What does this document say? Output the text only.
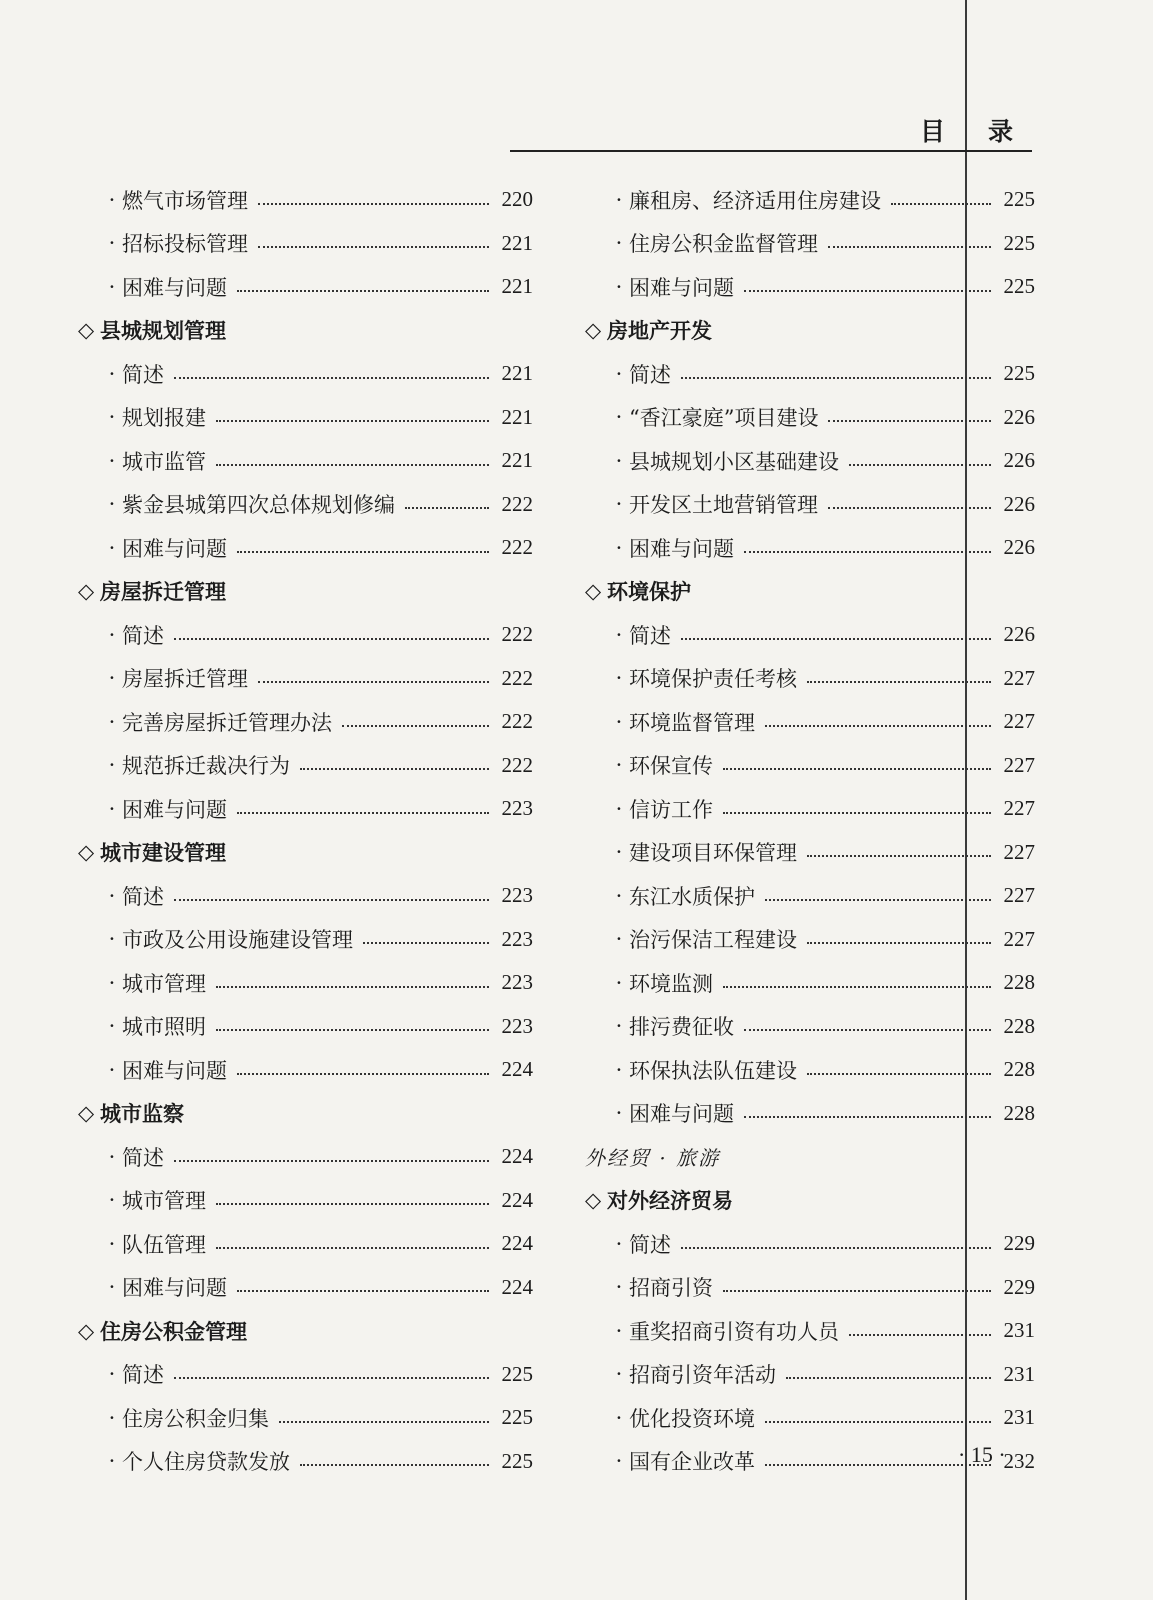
目 录
· 燃气市场管理	220
· 招标投标管理	221
· 困难与问题	221
◇ 县城规划管理
· 简述	221
· 规划报建	221
· 城市监管	221
· 紫金县城第四次总体规划修编	222
· 困难与问题	222
◇ 房屋拆迁管理
· 简述	222
· 房屋拆迁管理	222
· 完善房屋拆迁管理办法	222
· 规范拆迁裁决行为	222
· 困难与问题	223
◇ 城市建设管理
· 简述	223
· 市政及公用设施建设管理	223
· 城市管理	223
· 城市照明	223
· 困难与问题	224
◇ 城市监察
· 简述	224
· 城市管理	224
· 队伍管理	224
· 困难与问题	224
◇ 住房公积金管理
· 简述	225
· 住房公积金归集	225
· 个人住房贷款发放	225
· 廉租房、经济适用住房建设	225
· 住房公积金监督管理	225
· 困难与问题	225
◇ 房地产开发
· 简述	225
· “香江豪庭”项目建设	226
· 县城规划小区基础建设	226
· 开发区土地营销管理	226
· 困难与问题	226
◇ 环境保护
· 简述	226
· 环境保护责任考核	227
· 环境监督管理	227
· 环保宣传	227
· 信访工作	227
· 建设项目环保管理	227
· 东江水质保护	227
· 治污保洁工程建设	227
· 环境监测	228
· 排污费征收	228
· 环保执法队伍建设	228
· 困难与问题	228
外经贸 · 旅游
◇ 对外经济贸易
· 简述	229
· 招商引资	229
· 重奖招商引资有功人员	231
· 招商引资年活动	231
· 优化投资环境	231
· 国有企业改革	232
· 15 ·
